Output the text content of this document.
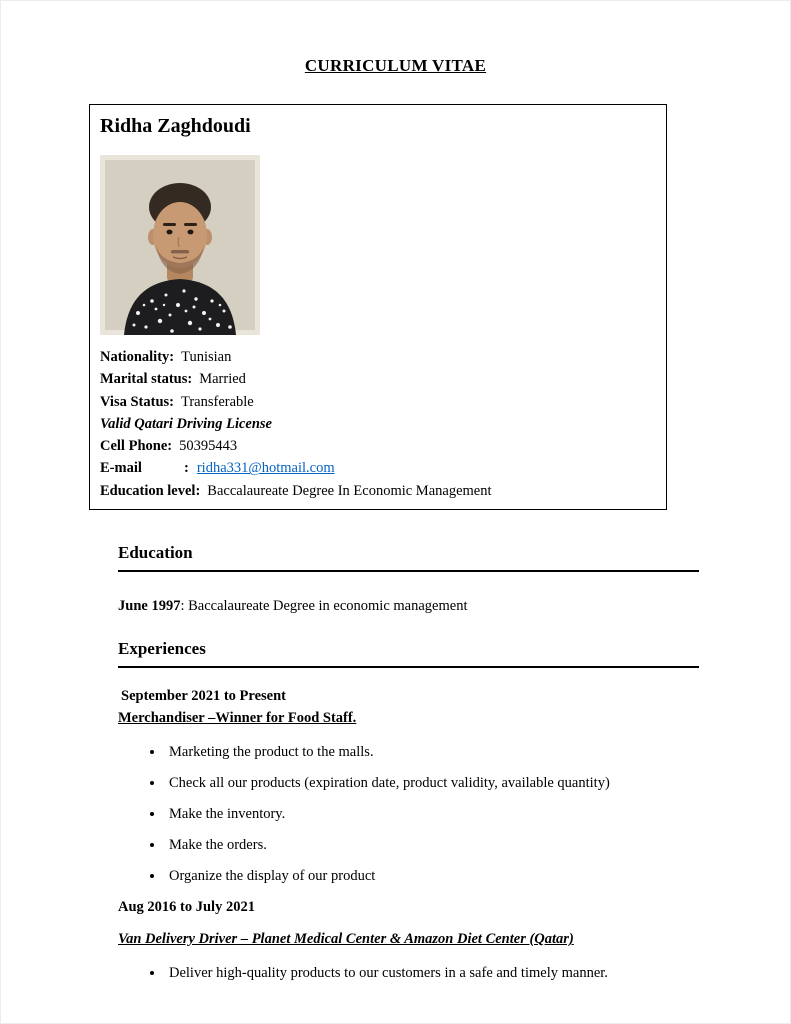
CURRICULUM VITAE
Ridha Zaghdoudi

Nationality: Tunisian

Marital status: Married

Visa Status: Transferable

Valid Qatari Driving License

Cell Phone: 50395443

E-mail	: ridha331@hotmail.com

Education level: Baccalaureate Degree In Economic Management

Education

June 1997: Baccalaureate Degree in economic management

Experiences

September 2021 to Present

Merchandiser –Winner for Food Staff.

• Marketing the product to the malls.
• Check all our products (expiration date, product validity, available quantity)
• Make the inventory.
• Make the orders.
• Organize the display of our product

Aug 2016 to July 2021

Van Delivery Driver – Planet Medical Center & Amazon Diet Center (Qatar)

• Deliver high-quality products to our customers in a safe and timely manner.
